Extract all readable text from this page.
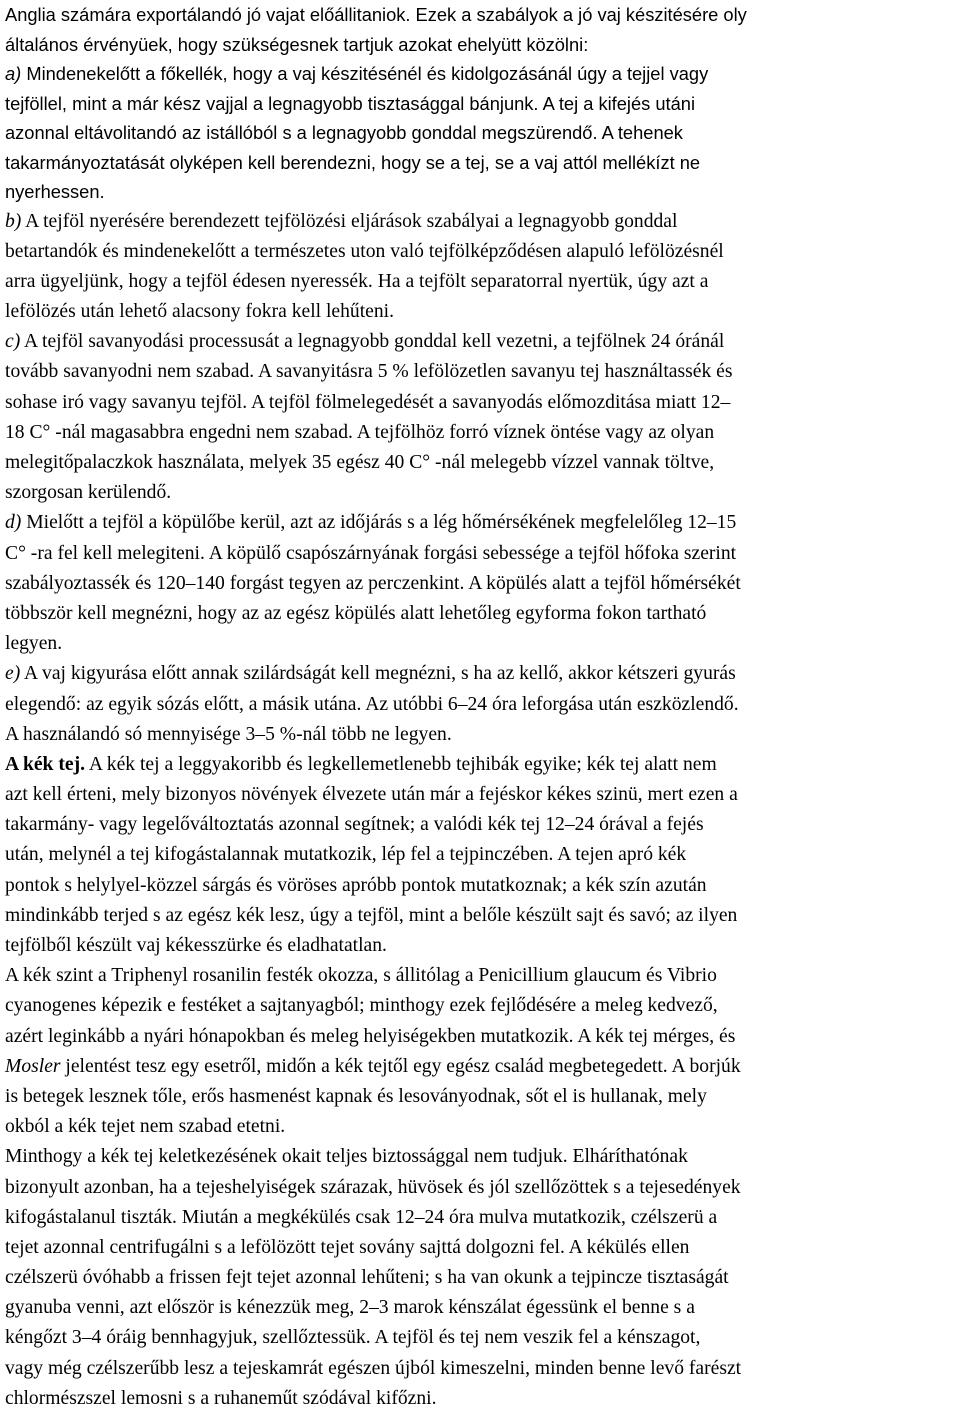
Anglia számára exportálandó jó vajat előállitaniok. Ezek a szabályok a jó vaj készitésére oly
általános érvényüek, hogy szükségesnek tartjuk azokat ehelyütt közölni:
a) Mindenekelőtt a főkellék, hogy a vaj készitésénél és kidolgozásánál úgy a tejjel vagy
tejföllel, mint a már kész vajjal a legnagyobb tisztasággal bánjunk. A tej a kifejés utáni
azonnal eltávolitandó az istállóból s a legnagyobb gonddal megszürendő. A tehenek
takarmányoztatását olyképen kell berendezni, hogy se a tej, se a vaj attól mellékízt ne
nyerhessen.
b) A tejföl nyerésére berendezett tejfölözési eljárások szabályai a legnagyobb gonddal
betartandók és mindenekelőtt a természetes uton való tejfölképződésen alapuló lefölözésnél
arra ügyeljünk, hogy a tejföl édesen nyeressék. Ha a tejfölt separatorral nyertük, úgy azt a
lefölözés után lehető alacsony fokra kell lehűteni.
c) A tejföl savanyodási processusát a legnagyobb gonddal kell vezetni, a tejfölnek 24 óránál
tovább savanyodni nem szabad. A savanyitásra 5 % lefölözetlen savanyu tej használtassék és
sohase iró vagy savanyu tejföl. A tejföl fölmelegedését a savanyodás előmozditása miatt 12–
18 C° -nál magasabbra engedni nem szabad. A tejfölhöz forró víznek öntése vagy az olyan
melegitőpalaczkok használata, melyek 35 egész 40 C° -nál melegebb vízzel vannak töltve,
szorgosan kerülendő.
d) Mielőtt a tejföl a köpülőbe kerül, azt az időjárás s a lég hőmérsékének megfelelőleg 12–15
C° -ra fel kell melegiteni. A köpülő csapószárnyának forgási sebessége a tejföl hőfoka szerint
szabályoztassék és 120–140 forgást tegyen az perczenkint. A köpülés alatt a tejföl hőmérsékét
többször kell megnézni, hogy az az egész köpülés alatt lehetőleg egyforma fokon tartható
legyen.
e) A vaj kigyurása előtt annak szilárdságát kell megnézni, s ha az kellő, akkor kétszeri gyurás
elegendő: az egyik sózás előtt, a másik utána. Az utóbbi 6–24 óra leforgása után eszközlendő.
A használandó só mennyisége 3–5 %-nál több ne legyen.
A kék tej. A kék tej a leggyakoribb és legkellemetlenebb tejhibák egyike; kék tej alatt nem
azt kell érteni, mely bizonyos növények élvezete után már a fejéskor kékes szinü, mert ezen a
takarmány- vagy legelőváltoztatás azonnal segítnek; a valódi kék tej 12–24 órával a fejés
után, melynél a tej kifogástalannak mutatkozik, lép fel a tejpinczében. A tejen apró kék
pontok s helylyel-közzel sárgás és vöröses apróbb pontok mutatkoznak; a kék szín azután
mindinkább terjed s az egész kék lesz, úgy a tejföl, mint a belőle készült sajt és savó; az ilyen
tejfölből készült vaj kékesszürke és eladhatatlan.
A kék szint a Triphenyl rosanilin festék okozza, s állitólag a Penicillium glaucum és Vibrio
cyanogenes képezik e festéket a sajtanyagból; minthogy ezek fejlődésére a meleg kedvező,
azért leginkább a nyári hónapokban és meleg helyiségekben mutatkozik. A kék tej mérges, és
Mosler jelentést tesz egy esetről, midőn a kék tejtől egy egész család megbetegedett. A borjúk
is betegek lesznek tőle, erős hasmenést kapnak és lesoványodnak, sőt el is hullanak, mely
okból a kék tejet nem szabad etetni.
Minthogy a kék tej keletkezésének okait teljes biztossággal nem tudjuk. Elháríthatónak
bizonyult azonban, ha a tejeshelyiségek szárazak, hüvösek és jól szellőzöttek s a tejesedények
kifogástalanul tiszták. Miután a megkékülés csak 12–24 óra mulva mutatkozik, czélszerü a
tejet azonnal centrifugálni s a lefölözött tejet sovány sajttá dolgozni fel. A kékülés ellen
czélszerü óvóhabb a frissen fejt tejet azonnal lehűteni; s ha van okunk a tejpincze tisztaságát
gyanuba venni, azt először is kénezzük meg, 2–3 marok kénszálat égessünk el benne s a
kéngőzt 3–4 óráig bennhagyjuk, szellőztessük. A tejföl és tej nem veszik fel a kénszagot,
vagy még czélszerűbb lesz a tejeskamrát egészen újból kimeszelni, minden benne levő farészt
chlormészszel lemosni s a ruhaneműt szódával kifőzni.
